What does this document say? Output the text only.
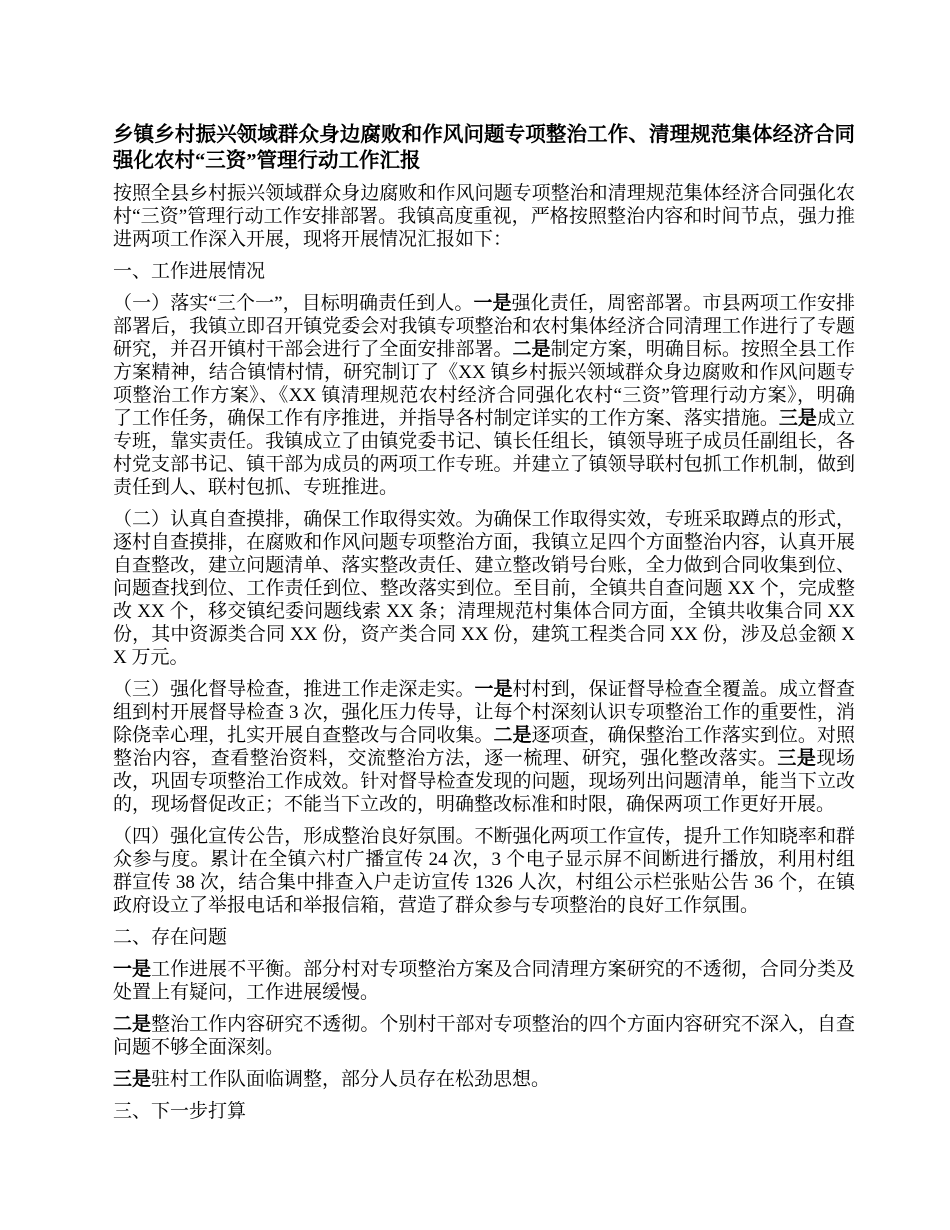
乡镇乡村振兴领域群众身边腐败和作风问题专项整治工作、清理规范集体经济合同强化农村“三资”管理行动工作汇报

按照全县乡村振兴领域群众身边腐败和作风问题专项整治和清理规范集体经济合同强化农村“三资”管理行动工作安排部署。我镇高度重视，严格按照整治内容和时间节点，强力推进两项工作深入开展，现将开展情况汇报如下：

一、工作进展情况

（一）落实“三个一”，目标明确责任到人。一是强化责任，周密部署。市县两项工作安排部署后，我镇立即召开镇党委会对我镇专项整治和农村集体经济合同清理工作进行了专题研究，并召开镇村干部会进行了全面安排部署。二是制定方案，明确目标。按照全县工作方案精神，结合镇情村情，研究制订了《XX 镇乡村振兴领域群众身边腐败和作风问题专项整治工作方案》、《XX 镇清理规范农村经济合同强化农村“三资”管理行动方案》，明确了工作任务，确保工作有序推进，并指导各村制定详实的工作方案、落实措施。三是成立专班，靠实责任。我镇成立了由镇党委书记、镇长任组长，镇领导班子成员任副组长，各村党支部书记、镇干部为成员的两项工作专班。并建立了镇领导联村包抓工作机制，做到责任到人、联村包抓、专班推进。

（二）认真自查摸排，确保工作取得实效。为确保工作取得实效，专班采取蹲点的形式，逐村自查摸排，在腐败和作风问题专项整治方面，我镇立足四个方面整治内容，认真开展自查整改，建立问题清单、落实整改责任、建立整改销号台账，全力做到合同收集到位、问题查找到位、工作责任到位、整改落实到位。至目前，全镇共自查问题 XX 个，完成整改 XX 个，移交镇纪委问题线索 XX 条；清理规范村集体合同方面，全镇共收集合同 XX 份，其中资源类合同 XX 份，资产类合同 XX 份，建筑工程类合同 XX 份，涉及总金额 XX 万元。

（三）强化督导检查，推进工作走深走实。一是村村到，保证督导检查全覆盖。成立督查组到村开展督导检查 3 次，强化压力传导，让每个村深刻认识专项整治工作的重要性，消除侥幸心理，扎实开展自查整改与合同收集。二是逐项查，确保整治工作落实到位。对照整治内容，查看整治资料，交流整治方法，逐一梳理、研究，强化整改落实。三是现场改，巩固专项整治工作成效。针对督导检查发现的问题，现场列出问题清单，能当下立改的，现场督促改正；不能当下立改的，明确整改标准和时限，确保两项工作更好开展。

（四）强化宣传公告，形成整治良好氛围。不断强化两项工作宣传，提升工作知晓率和群众参与度。累计在全镇六村广播宣传 24 次，3 个电子显示屏不间断进行播放，利用村组群宣传 38 次，结合集中排查入户走访宣传 1326 人次，村组公示栏张贴公告 36 个，在镇政府设立了举报电话和举报信箱，营造了群众参与专项整治的良好工作氛围。

二、存在问题

一是工作进展不平衡。部分村对专项整治方案及合同清理方案研究的不透彻，合同分类及处置上有疑问，工作进展缓慢。

二是整治工作内容研究不透彻。个别村干部对专项整治的四个方面内容研究不深入，自查问题不够全面深刻。

三是驻村工作队面临调整，部分人员存在松劲思想。

三、下一步打算
